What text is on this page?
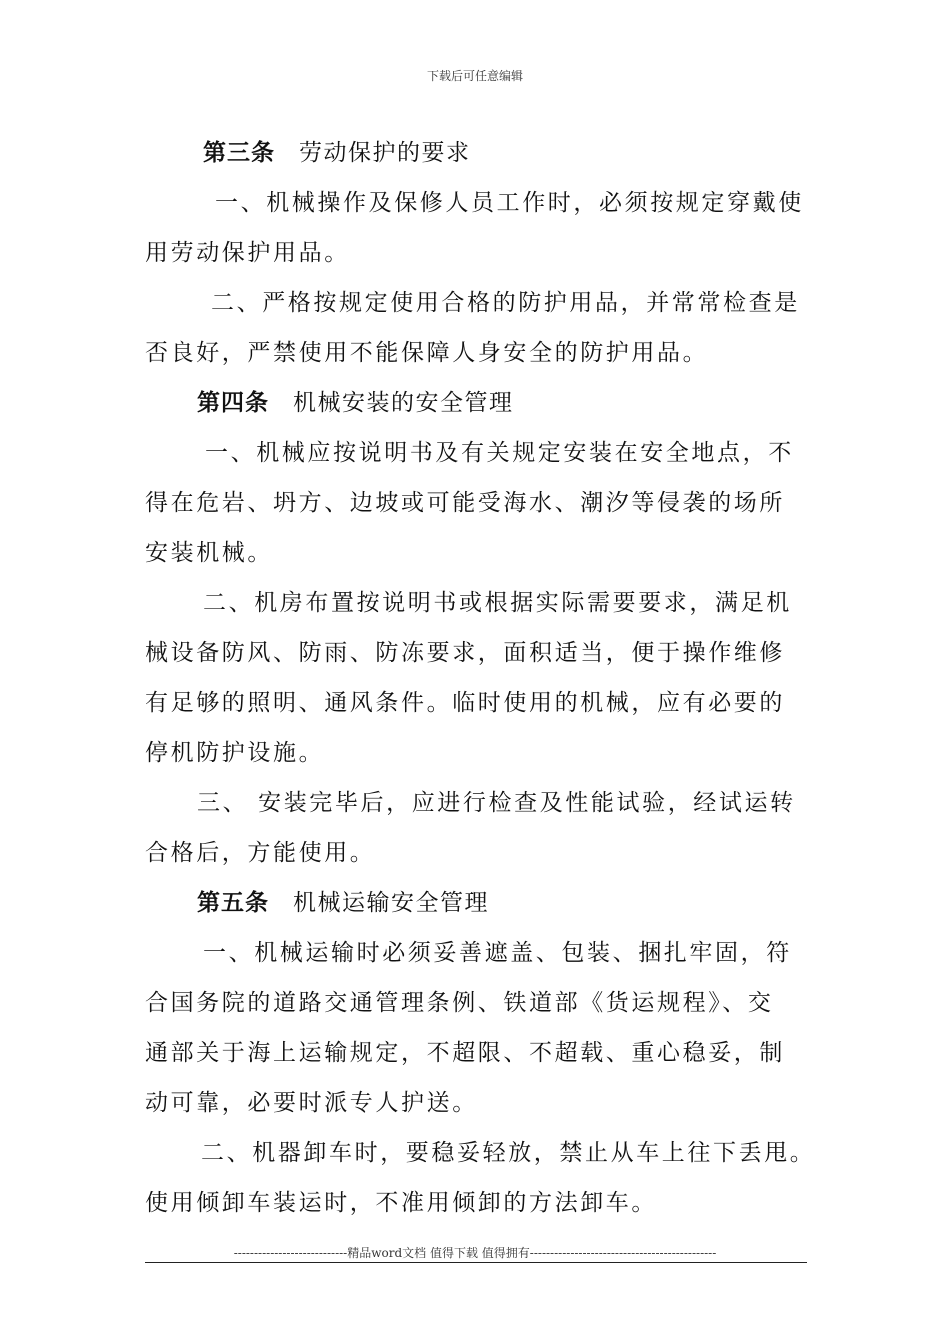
下载后可任意编辑
第三条 劳动保护的要求
一、机械操作及保修人员工作时，必须按规定穿戴使
用劳动保护用品。
二、严格按规定使用合格的防护用品，并常常检查是
否良好，严禁使用不能保障人身安全的防护用品。
第四条 机械安装的安全管理
一、机械应按说明书及有关规定安装在安全地点，不
得在危岩、坍方、边坡或可能受海水、潮汐等侵袭的场所
安装机械。
二、机房布置按说明书或根据实际需要要求，满足机
械设备防风、防雨、防冻要求，面积适当，便于操作维修
有足够的照明、通风条件。临时使用的机械，应有必要的
停机防护设施。
三、 安装完毕后，应进行检查及性能试验，经试运转
合格后，方能使用。
第五条 机械运输安全管理
一、机械运输时必须妥善遮盖、包装、捆扎牢固，符
合国务院的道路交通管理条例、铁道部《货运规程》、交
通部关于海上运输规定，不超限、不超载、重心稳妥，制
动可靠，必要时派专人护送。
二、机器卸车时，要稳妥轻放，禁止从车上往下丢甩。
使用倾卸车装运时，不准用倾卸的方法卸车。
----------------------------精品word文档 值得下载 值得拥有----------------------------------------------
